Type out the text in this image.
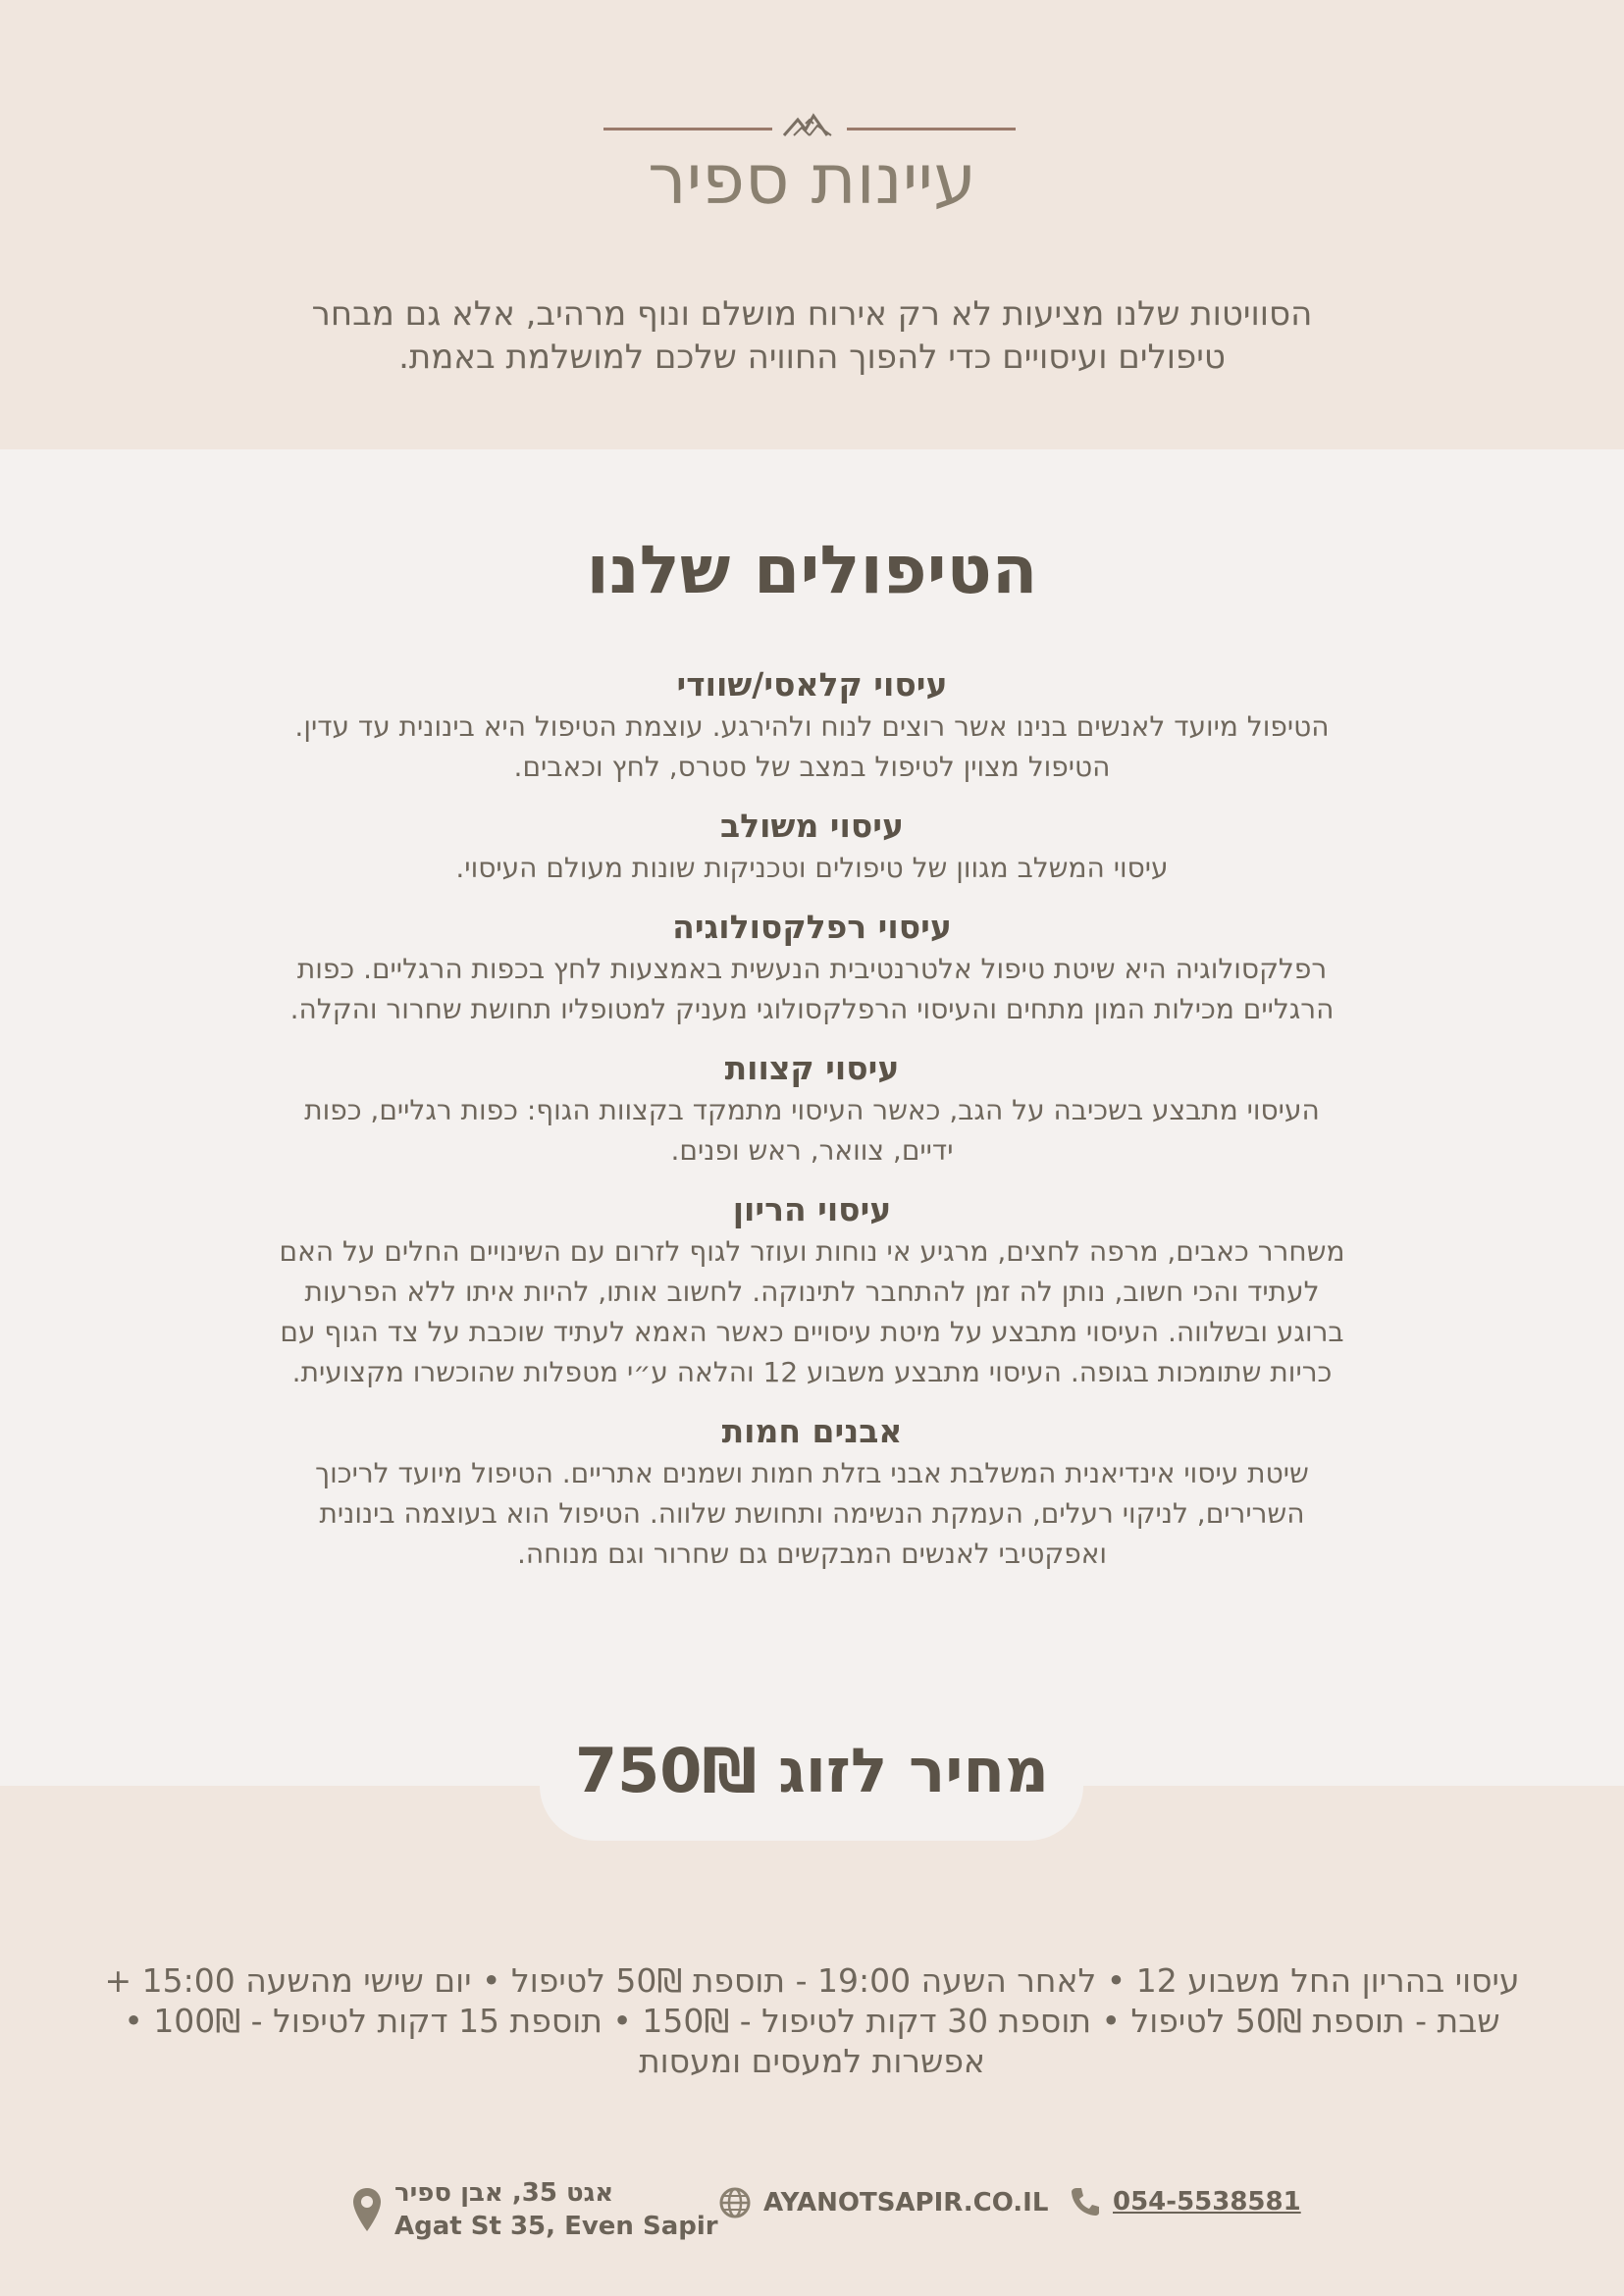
עיינות ספיר
הסוויטות שלנו מציעות לא רק אירוח מושלם ונוף מרהיב, אלא גם מבחר
טיפולים ועיסויים כדי להפוך החוויה שלכם למושלמת באמת.
הטיפולים שלנו
עיסוי קלאסי/שוודי
הטיפול מיועד לאנשים בנינו אשר רוצים לנוח ולהירגע. עוצמת הטיפול היא בינונית עד עדין.
הטיפול מצוין לטיפול במצב של סטרס, לחץ וכאבים.
עיסוי משולב
עיסוי המשלב מגוון של טיפולים וטכניקות שונות מעולם העיסוי.
עיסוי רפלקסולוגיה
רפלקסולוגיה היא שיטת טיפול אלטרנטיבית הנעשית באמצעות לחץ בכפות הרגליים. כפות
הרגליים מכילות המון מתחים והעיסוי הרפלקסולוגי מעניק למטופליו תחושת שחרור והקלה.
עיסוי קצוות
העיסוי מתבצע בשכיבה על הגב, כאשר העיסוי מתמקד בקצוות הגוף: כפות רגליים, כפות
ידיים, צוואר, ראש ופנים.
עיסוי הריון
משחרר כאבים, מרפה לחצים, מרגיע אי נוחות ועוזר לגוף לזרום עם השינויים החלים על האם
לעתיד והכי חשוב, נותן לה זמן להתחבר לתינוקה. לחשוב אותו, להיות איתו ללא הפרעות
ברוגע ובשלווה. העיסוי מתבצע על מיטת עיסויים כאשר האמא לעתיד שוכבת על צד הגוף עם
כריות שתומכות בגופה. העיסוי מתבצע משבוע 12 והלאה ע״י מטפלות שהוכשרו מקצועית.
אבנים חמות
שיטת עיסוי אינדיאנית המשלבת אבני בזלת חמות ושמנים אתריים. הטיפול מיועד לריכוך
השרירים, לניקוי רעלים, העמקת הנשימה ותחושת שלווה. הטיפול הוא בעוצמה בינונית
ואפקטיבי לאנשים המבקשים גם שחרור וגם מנוחה.
מחיר לזוג 750₪
עיסוי בהריון החל משבוע 12 • לאחר השעה 19:00 - תוספת 50₪ לטיפול • יום שישי מהשעה 15:00 +
שבת - תוספת 50₪ לטיפול • תוספת 30 דקות לטיפול - 150₪ • תוספת 15 דקות לטיפול - 100₪ •
אפשרות למעסים ומעסות
אגט 35, אבן ספיר
Agat St 35, Even Sapir
AYANOTSAPIR.CO.IL	054-5538581
